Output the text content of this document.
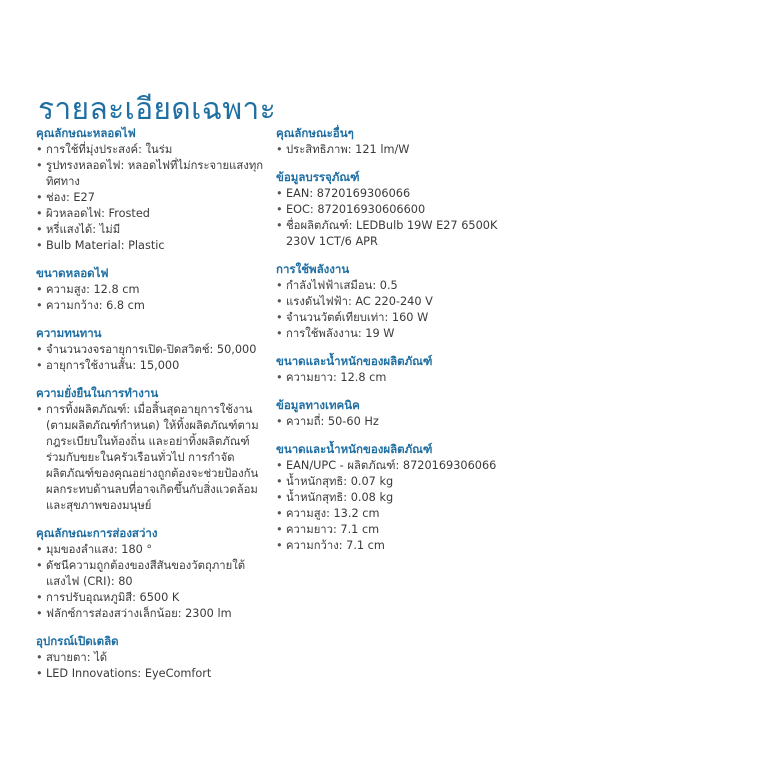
รายละเอียดเฉพาะ
คุณลักษณะหลอดไฟ
• การใช้ที่มุ่งประสงค์: ในร่ม
• รูปทรงหลอดไฟ: หลอดไฟที่ไม่กระจายแสงทุกทิศทาง
• ช่อง: E27
• ผิวหลอดไฟ: Frosted
• หรี่แสงได้: ไม่มี
• Bulb Material: Plastic
ขนาดหลอดไฟ
• ความสูง: 12.8 cm
• ความกว้าง: 6.8 cm
ความทนทาน
• จำนวนวงจรอายุการเปิด-ปิดสวิตช์: 50,000
• อายุการใช้งานสั้น: 15,000
ความยั่งยืนในการทำงาน
• การทิ้งผลิตภัณฑ์: เมื่อสิ้นสุดอายุการใช้งาน (ตามผลิตภัณฑ์กำหนด) ให้ทิ้งผลิตภัณฑ์ตามกฎระเบียบในท้องถิ่น และอย่าทิ้งผลิตภัณฑ์ร่วมกับขยะในครัวเรือนทั่วไป การกำจัดผลิตภัณฑ์ของคุณอย่างถูกต้องจะช่วยป้องกันผลกระทบด้านลบที่อาจเกิดขึ้นกับสิ่งแวดล้อมและสุขภาพของมนุษย์
คุณลักษณะการส่องสว่าง
• มุมของลำแสง: 180 °
• ดัชนีความถูกต้องของสีสันของวัตถุภายใต้แสงไฟ (CRI): 80
• การปรับอุณหภูมิสี: 6500 K
• ฟลักซ์การส่องสว่างเล็กน้อย: 2300 lm
อุปกรณ์เปิดเตลิด
• สบายตา: ได้
• LED Innovations: EyeComfort
คุณลักษณะอื่นๆ
• ประสิทธิภาพ: 121 lm/W
ข้อมูลบรรจุภัณฑ์
• EAN: 8720169306066
• EOC: 872016930606600
• ชื่อผลิตภัณฑ์: LEDBulb 19W E27 6500K 230V 1CT/6 APR
การใช้พลังงาน
• กำลังไฟฟ้าเสมือน: 0.5
• แรงดันไฟฟ้า: AC 220-240 V
• จำนวนวัตต์เทียบเท่า: 160 W
• การใช้พลังงาน: 19 W
ขนาดและน้ำหนักของผลิตภัณฑ์
• ความยาว: 12.8 cm
ข้อมูลทางเทคนิค
• ความถี่: 50-60 Hz
ขนาดและน้ำหนักของผลิตภัณฑ์
• EAN/UPC - ผลิตภัณฑ์: 8720169306066
• น้ำหนักสุทธิ: 0.07 kg
• น้ำหนักสุทธิ: 0.08 kg
• ความสูง: 13.2 cm
• ความยาว: 7.1 cm
• ความกว้าง: 7.1 cm
